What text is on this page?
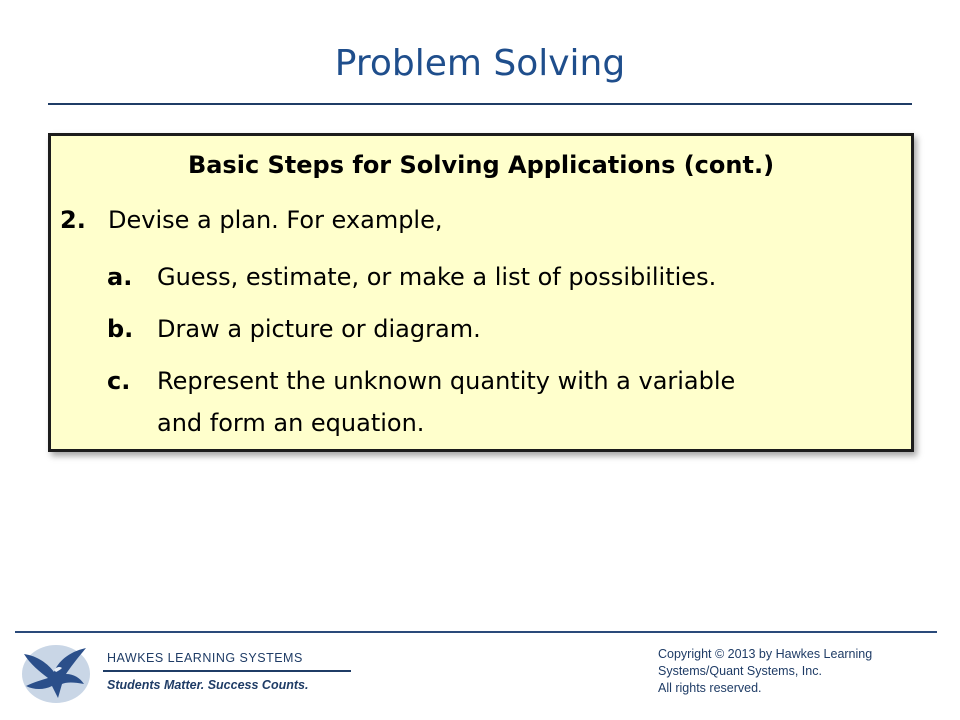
Problem Solving
Basic Steps for Solving Applications (cont.)
2. Devise a plan. For example,
a. Guess, estimate, or make a list of possibilities.
b. Draw a picture or diagram.
c. Represent the unknown quantity with a variable
and form an equation.
HAWKES LEARNING SYSTEMS
Students Matter. Success Counts.
Copyright © 2013 by Hawkes Learning
Systems/Quant Systems, Inc.
All rights reserved.
